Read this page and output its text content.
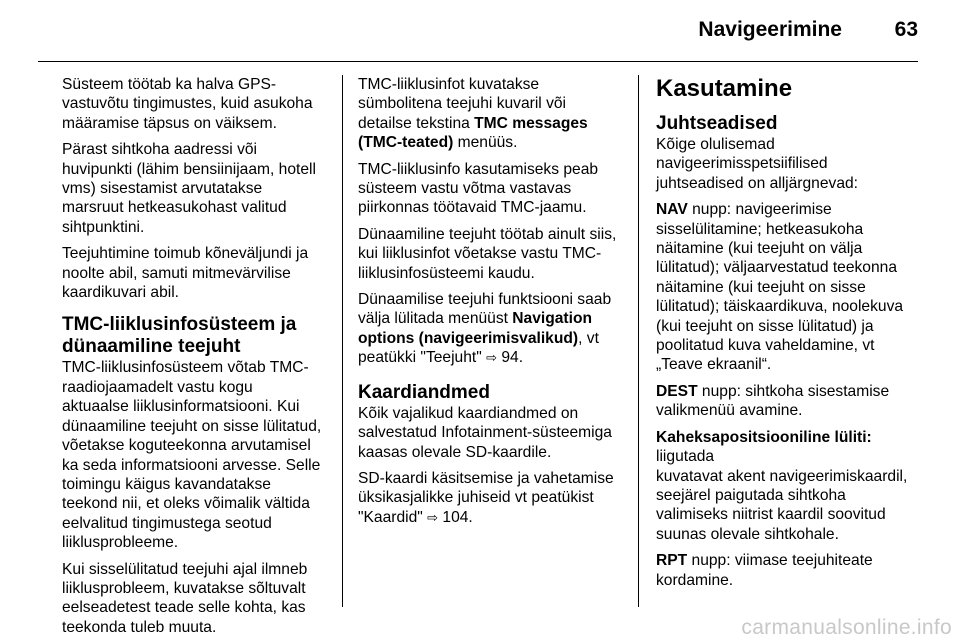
Navigeerimine	63

Süsteem töötab ka halva GPS-
vastuvõtu tingimustes, kuid asukoha
määramise täpsus on väiksem.

Pärast sihtkoha aadressi või
huvipunkti (lähim bensiinijaam, hotell
vms) sisestamist arvutatakse
marsruut hetkeasukohast valitud
sihtpunktini.

Teejuhtimine toimub kõneväljundi ja
noolte abil, samuti mitmevärvilise
kaardikuvari abil.

TMC-liiklusinfosüsteem ja
dünaamiline teejuht

TMC-liiklusinfosüsteem võtab TMC-
raadiojaamadelt vastu kogu
aktuaalse liiklusinformatsiooni. Kui
dünaamiline teejuht on sisse lülitatud,
võetakse koguteekonna arvutamisel
ka seda informatsiooni arvesse. Selle
toimingu käigus kavandatakse
teekond nii, et oleks võimalik vältida
eelvalitud tingimustega seotud
liiklusprobleeme.

Kui sisselülitatud teejuhi ajal ilmneb
liiklusprobleem, kuvatakse sõltuvalt
eelseadetest teade selle kohta, kas
teekonda tuleb muuta.

TMC-liiklusinfot kuvatakse
sümbolitena teejuhi kuvaril või
detailse tekstina TMC messages
(TMC-teated) menüüs.

TMC-liiklusinfo kasutamiseks peab
süsteem vastu võtma vastavas
piirkonnas töötavaid TMC-jaamu.

Dünaamiline teejuht töötab ainult siis,
kui liiklusinfot võetakse vastu TMC-
liiklusinfosüsteemi kaudu.

Dünaamilise teejuhi funktsiooni saab
välja lülitada menüüst Navigation
options (navigeerimisvalikud), vt
peatükki "Teejuht" ⇨ 94.

Kaardiandmed

Kõik vajalikud kaardiandmed on
salvestatud Infotainment-süsteemiga
kaasas olevale SD-kaardile.

SD-kaardi käsitsemise ja vahetamise
üksikasjalikke juhiseid vt peatükist
"Kaardid" ⇨ 104.

Kasutamine
Juhtseadised

Kõige olulisemad
navigeerimisspetsiifilised
juhtseadised on alljärgnevad:

NAV nupp: navigeerimise
sisselülitamine; hetkeasukoha
näitamine (kui teejuht on välja
lülitatud); väljaarvestatud teekonna
näitamine (kui teejuht on sisse
lülitatud); täiskaardikuva, noolekuva
(kui teejuht on sisse lülitatud) ja
poolitatud kuva vaheldamine, vt
„Teave ekraanil“.

DEST nupp: sihtkoha sisestamise
valikmenüü avamine.

Kaheksapositsiooniline lüliti: liigutada
kuvatavat akent navigeerimiskaardil,
seejärel paigutada sihtkoha
valimiseks niitrist kaardil soovitud
suunas olevale sihtkohale.

RPT nupp: viimase teejuhiteate
kordamine.

carmanualsonline.info
